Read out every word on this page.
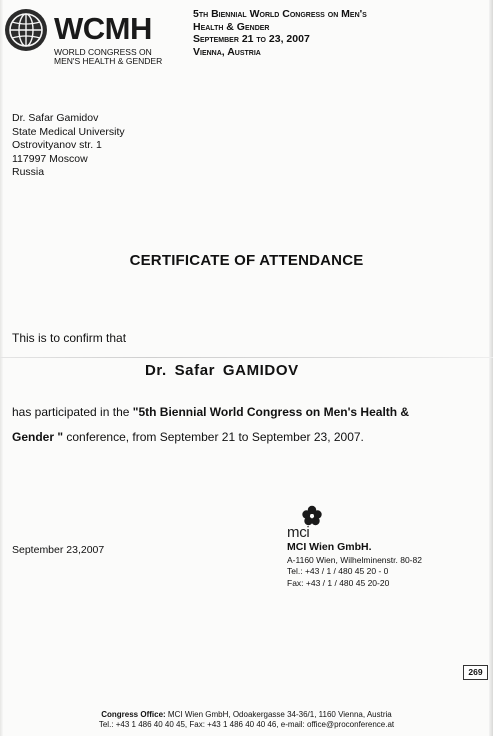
WCMH
WORLD CONGRESS ON
MEN'S HEALTH & GENDER
5th Biennial World Congress on Men's
Health & Gender
September 21 to 23, 2007
Vienna, Austria
Dr. Safar Gamidov
State Medical University
Ostrovityanov str. 1
117997 Moscow
Russia
CERTIFICATE OF ATTENDANCE
This is to confirm that
Dr. Safar GAMIDOV
has participated in the "5th Biennial World Congress on Men's Health &
Gender " conference, from September 21 to September 23, 2007.
September 23,2007
mci
MCI Wien GmbH.
A-1160 Wien, Wilhelminenstr. 80-82
Tel.: +43 / 1 / 480 45 20 - 0
Fax: +43 / 1 / 480 45 20-20
269
Congress Office: MCI Wien GmbH, Odoakergasse 34-36/1, 1160 Vienna, Austria
Tel.: +43 1 486 40 40 45, Fax: +43 1 486 40 40 46, e-mail: office@proconference.at
